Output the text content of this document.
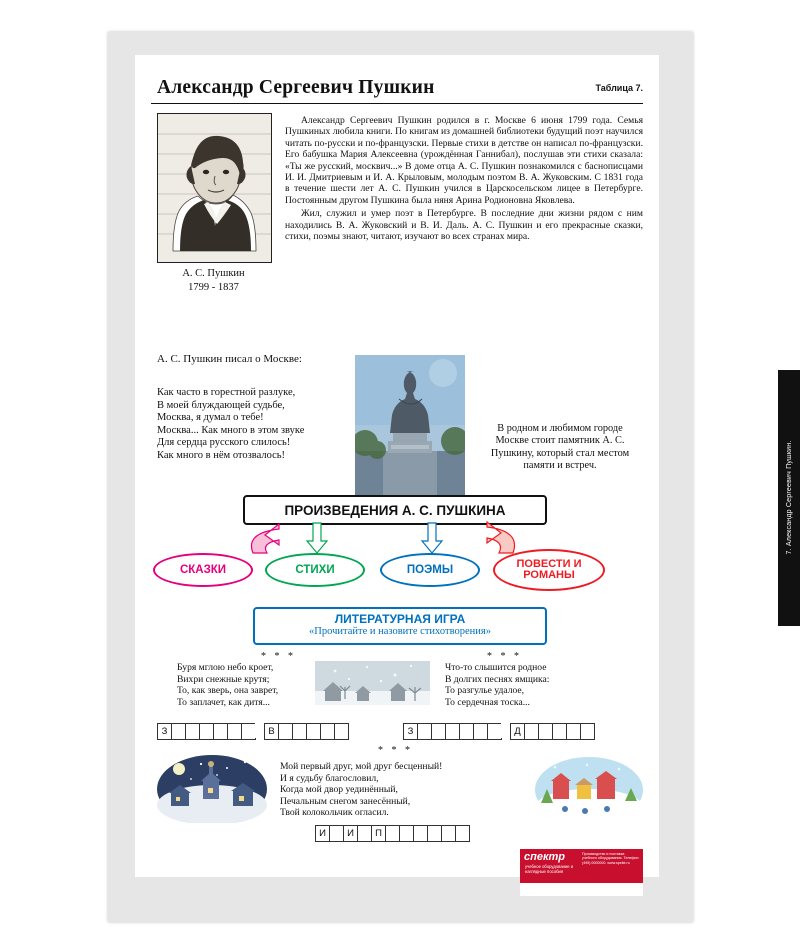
7. Александр Сергеевич Пушкин.
Александр Сергеевич Пушкин	Таблица 7.
А. С. Пушкин
1799 - 1837

Александр Сергеевич Пушкин родился в г. Москве 6 июня 1799 года. Семья Пушкиных любила книги. По книгам из домашней библиотеки будущий поэт научился читать по-русски и по-французски. Первые стихи в детстве он написал по-французски. Его бабушка Мария Алексеевна (урождённая Ганнибал), послушав эти стихи сказала: «Ты же русский, москвич...» В доме отца А. С. Пушкин познакомился с баснописцами И. И. Дмитриевым и И. А. Крыловым, молодым поэтом В. А. Жуковским. С 1831 года в течение шести лет А. С. Пушкин учился в Царскосельском лицее в Петербурге. Постоянным другом Пушкина была няня Арина Родионовна Яковлева.

Жил, служил и умер поэт в Петербурге. В последние дни жизни рядом с ним находились В. А. Жуковский и В. И. Даль. А. С. Пушкин и его прекрасные сказки, стихи, поэмы знают, читают, изучают во всех странах мира.

А. С. Пушкин писал о Москве:
Как часто в горестной разлуке,
В моей блуждающей судьбе,
Москва, я думал о тебе!
Москва... Как много в этом звуке
Для сердца русского слилось!
Как много в нём отозвалось!
В родном и любимом городе Москве стоит памятник А. С. Пушкину, который стал местом памяти и встреч.
ПРОИЗВЕДЕНИЯ А. С. ПУШКИНА
СКАЗКИ	СТИХИ	ПОЭМЫ	ПОВЕСТИ И РОМАНЫ
ЛИТЕРАТУРНАЯ ИГРА
«Прочитайте и назовите стихотворения»
* * *	* * *
Буря мглою небо кроет,
Вихри снежные крутя;
То, как зверь, она заврет,
То заплачет, как дитя...
Что-то слышится родное
В долгих песнях ямщика:
То разгулье удалое,
То сердечная тоска...
З	В	З	Д
* * *
Мой первый друг, мой друг бесценный!
И я судьбу благословил,
Когда мой двор уединённый,
Печальным снегом занесённый,
Твой колокольчик огласил.
И	И	П
спектр
учебное оборудование и наглядные пособия
Производство и поставка учебного оборудования. Телефон: (495) 0000000. www.spektr.ru
